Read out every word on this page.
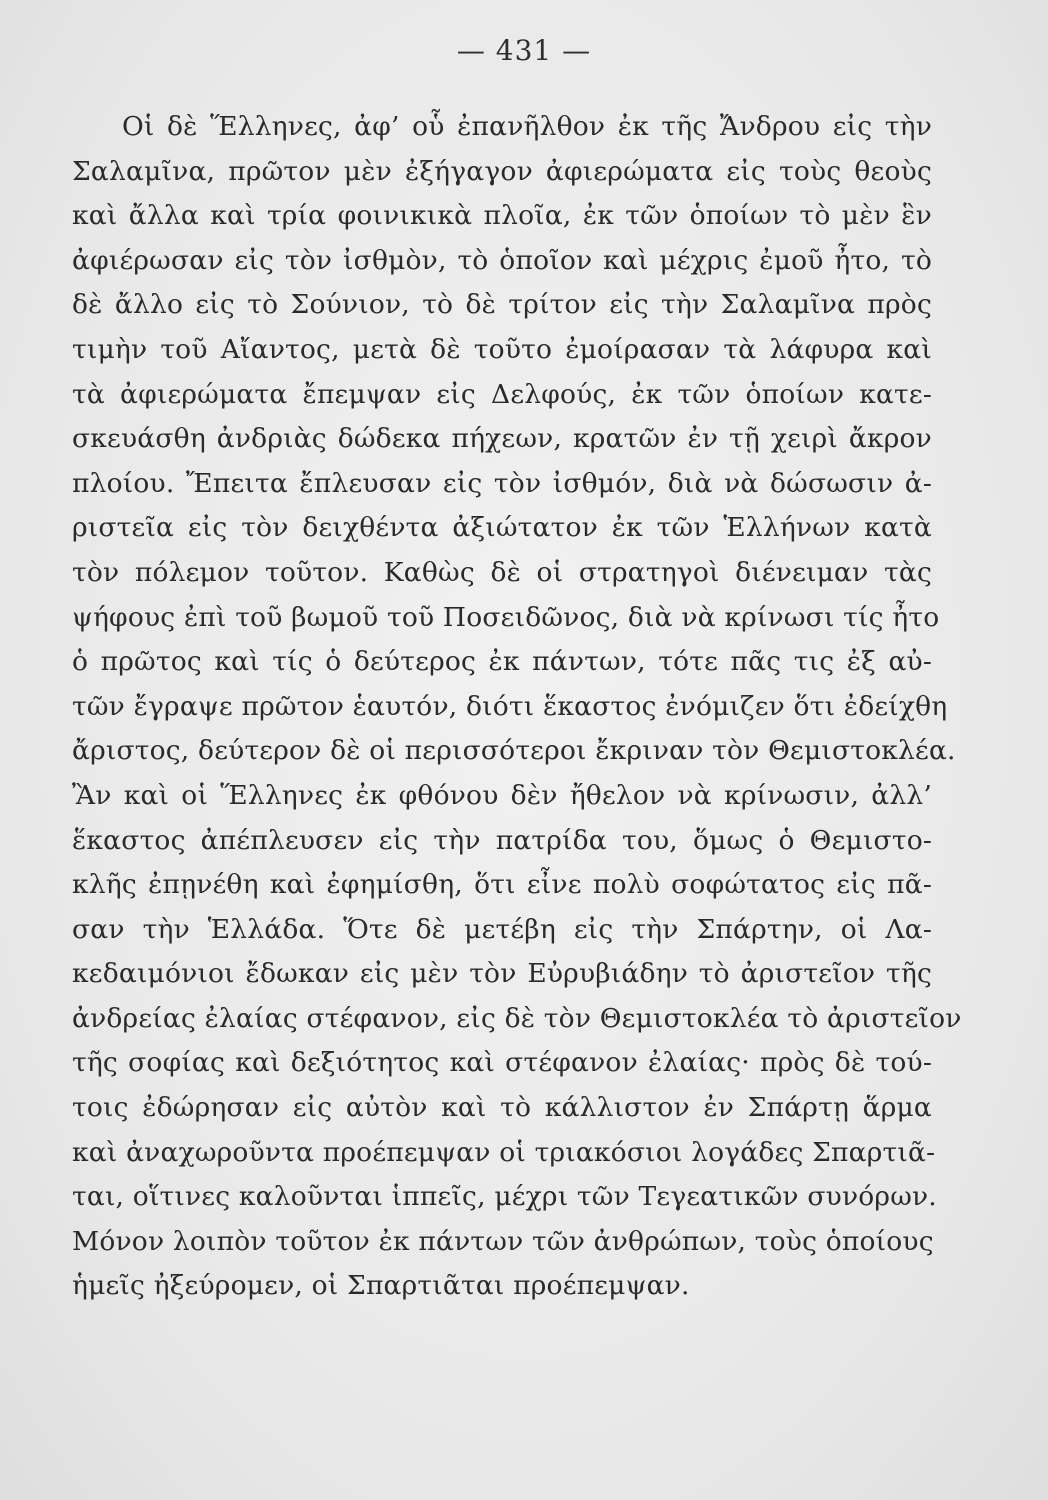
— 431 —
Οἱ δὲ Ἕλληνες, ἀφ’ οὗ ἐπανῆλθον ἐκ τῆς Ἄνδρου εἰς τὴν
Σαλαμῖνα, πρῶτον μὲν ἐξήγαγον ἀφιερώματα εἰς τοὺς θεοὺς
καὶ ἄλλα καὶ τρία φοινικικὰ πλοῖα, ἐκ τῶν ὁποίων τὸ μὲν ἓν
ἀφιέρωσαν εἰς τὸν ἰσθμὸν, τὸ ὁποῖον καὶ μέχρις ἐμοῦ ἦτο, τὸ
δὲ ἄλλο εἰς τὸ Σούνιον, τὸ δὲ τρίτον εἰς τὴν Σαλαμῖνα πρὸς
τιμὴν τοῦ Αἴαντος, μετὰ δὲ τοῦτο ἐμοίρασαν τὰ λάφυρα καὶ
τὰ ἀφιερώματα ἔπεμψαν εἰς Δελφούς, ἐκ τῶν ὁποίων κατε-
σκευάσθη ἀνδριὰς δώδεκα πήχεων, κρατῶν ἐν τῇ χειρὶ ἄκρον
πλοίου. Ἔπειτα ἔπλευσαν εἰς τὸν ἰσθμόν, διὰ νὰ δώσωσιν ἀ-
ριστεῖα εἰς τὸν δειχθέντα ἀξιώτατον ἐκ τῶν Ἑλλήνων κατὰ
τὸν πόλεμον τοῦτον. Καθὼς δὲ οἱ στρατηγοὶ διένειμαν τὰς
ψήφους ἐπὶ τοῦ βωμοῦ τοῦ Ποσειδῶνος, διὰ νὰ κρίνωσι τίς ἦτο
ὁ πρῶτος καὶ τίς ὁ δεύτερος ἐκ πάντων, τότε πᾶς τις ἐξ αὐ-
τῶν ἔγραψε πρῶτον ἑαυτόν, διότι ἕκαστος ἐνόμιζεν ὅτι ἐδείχθη
ἄριστος, δεύτερον δὲ οἱ περισσότεροι ἔκριναν τὸν Θεμιστοκλέα.
Ἂν καὶ οἱ Ἕλληνες ἐκ φθόνου δὲν ἤθελον νὰ κρίνωσιν, ἀλλ’
ἕκαστος ἀπέπλευσεν εἰς τὴν πατρίδα του, ὅμως ὁ Θεμιστο-
κλῆς ἐπῃνέθη καὶ ἐφημίσθη, ὅτι εἶνε πολὺ σοφώτατος εἰς πᾶ-
σαν τὴν Ἑλλάδα. Ὅτε δὲ μετέβη εἰς τὴν Σπάρτην, οἱ Λα-
κεδαιμόνιοι ἔδωκαν εἰς μὲν τὸν Εὐρυβιάδην τὸ ἀριστεῖον τῆς
ἀνδρείας ἐλαίας στέφανον, εἰς δὲ τὸν Θεμιστοκλέα τὸ ἀριστεῖον
τῆς σοφίας καὶ δεξιότητος καὶ στέφανον ἐλαίας· πρὸς δὲ τού-
τοις ἐδώρησαν εἰς αὐτὸν καὶ τὸ κάλλιστον ἐν Σπάρτῃ ἅρμα
καὶ ἀναχωροῦντα προέπεμψαν οἱ τριακόσιοι λογάδες Σπαρτιᾶ-
ται, οἵτινες καλοῦνται ἱππεῖς, μέχρι τῶν Τεγεατικῶν συνόρων.
Μόνον λοιπὸν τοῦτον ἐκ πάντων τῶν ἀνθρώπων, τοὺς ὁποίους
ἡμεῖς ἠξεύρομεν, οἱ Σπαρτιᾶται προέπεμψαν.
